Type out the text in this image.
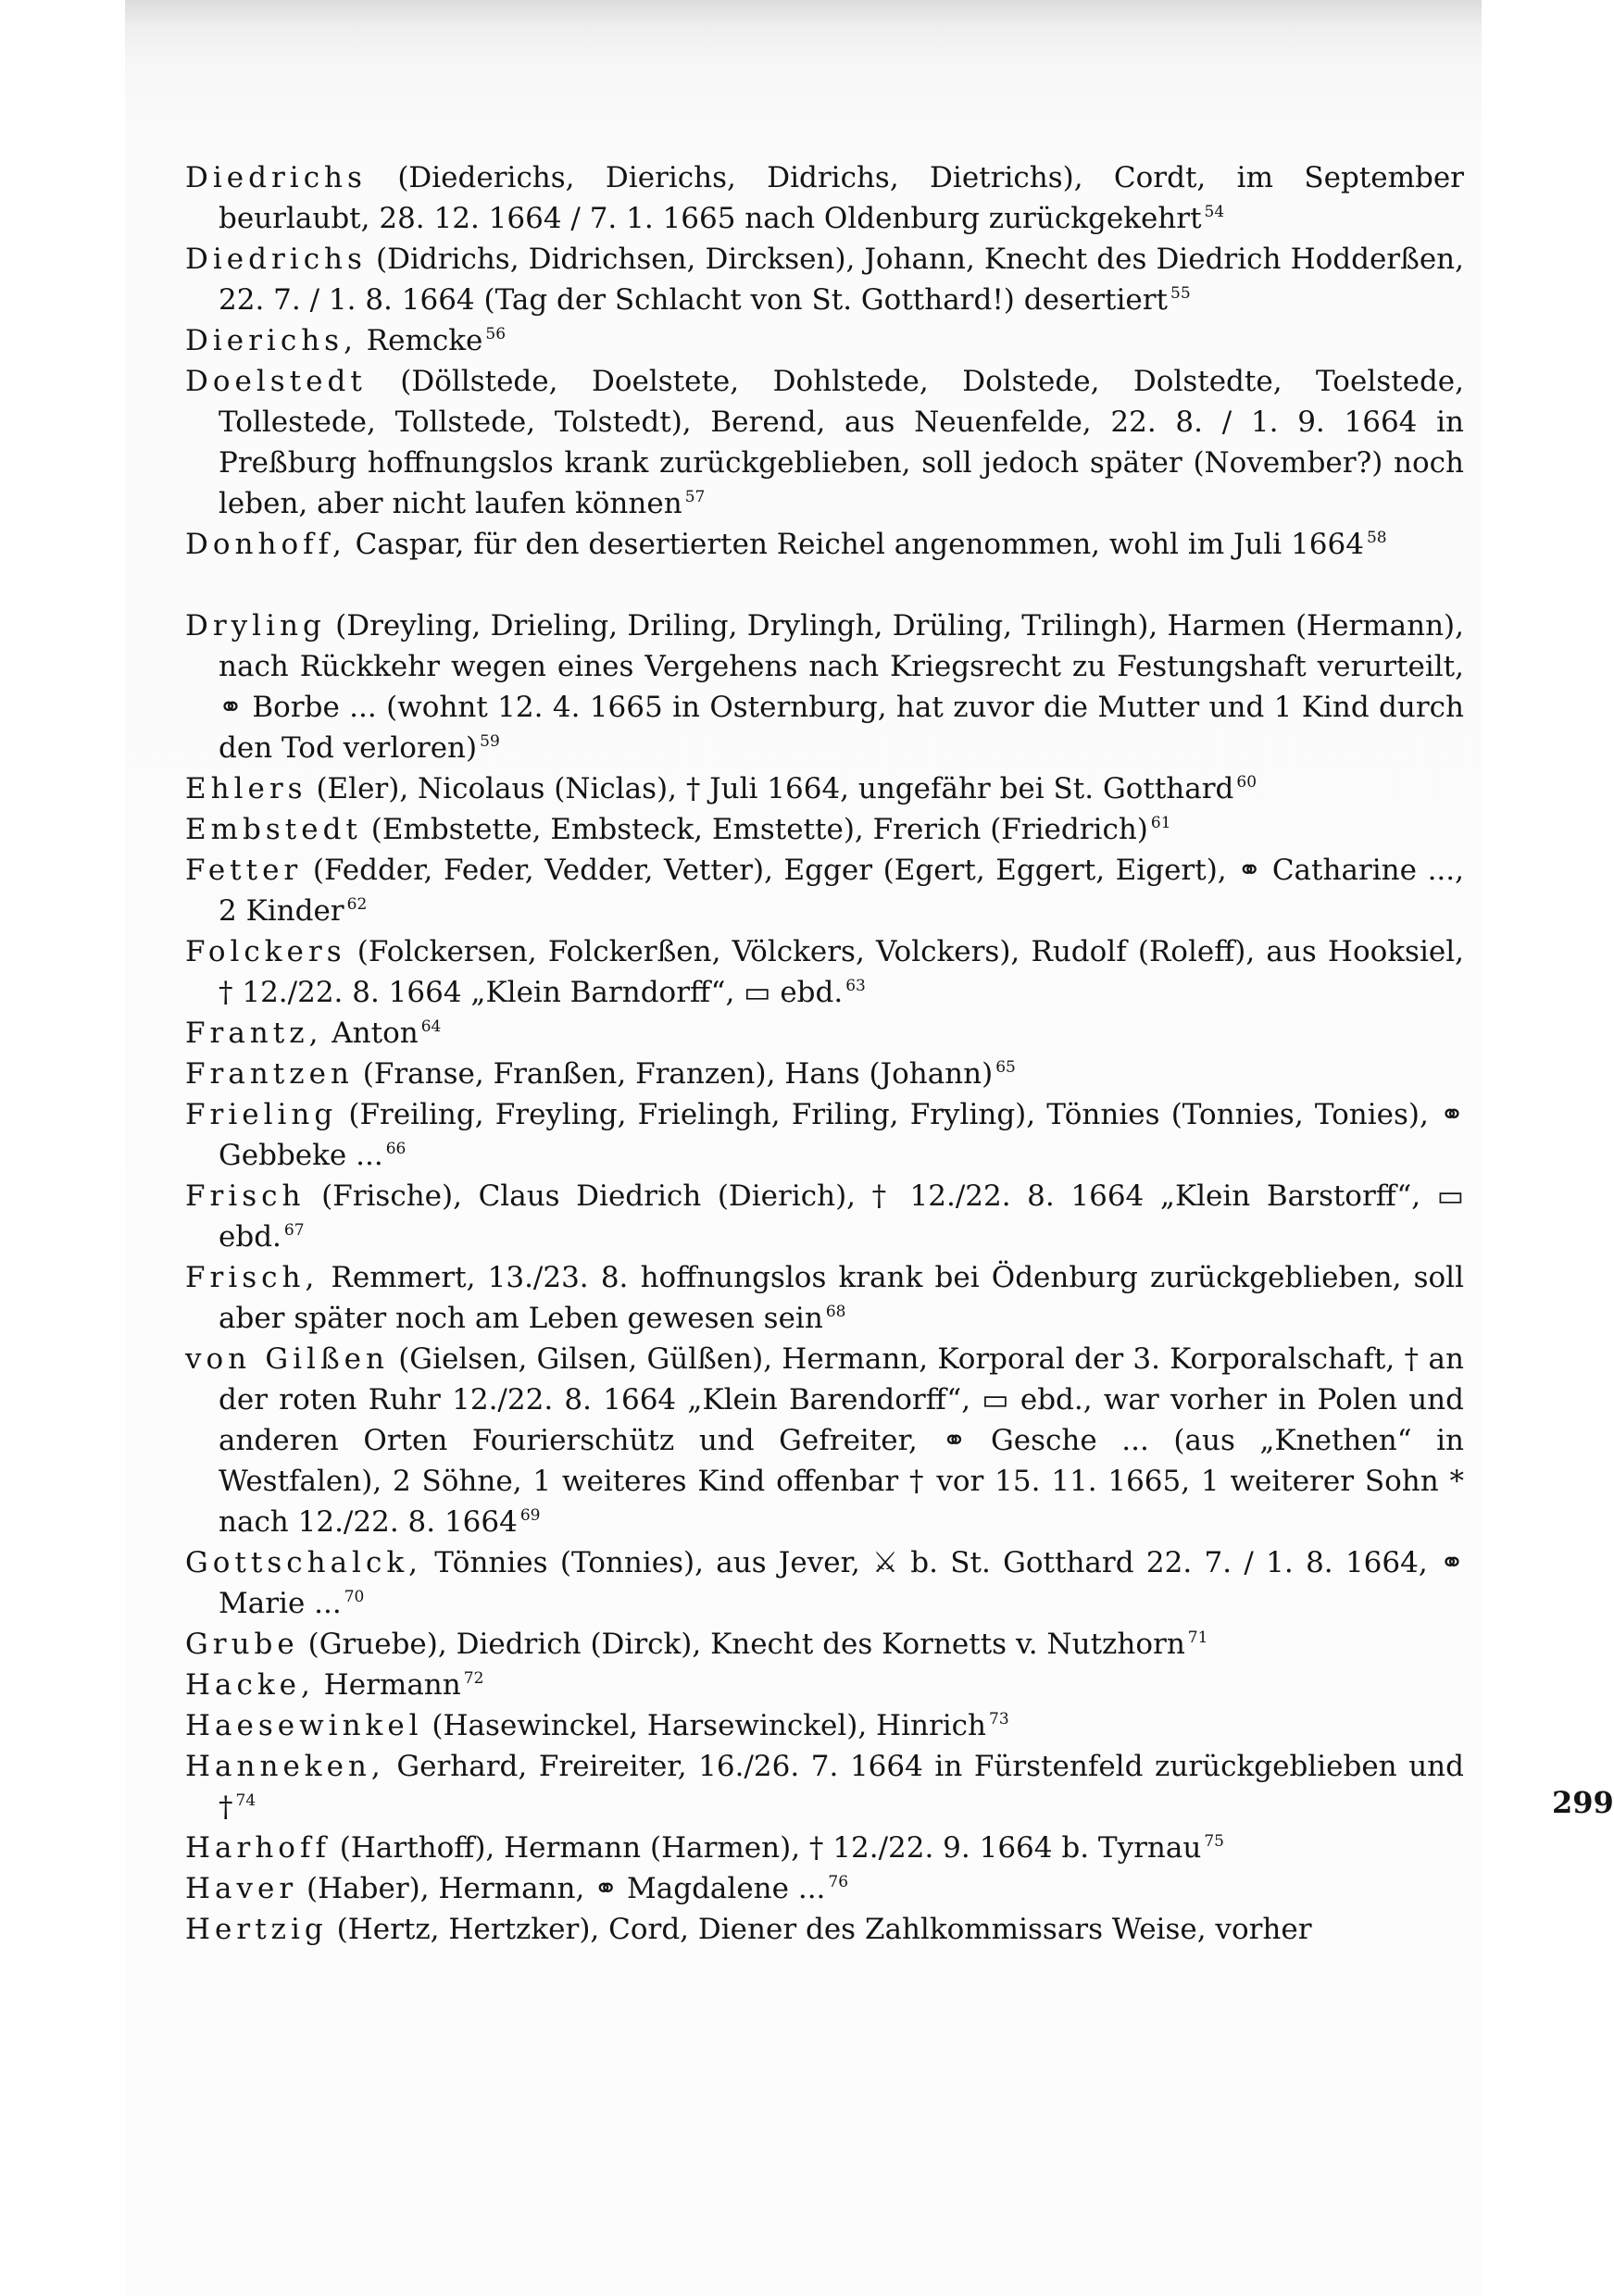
Diedrichs (Diederichs, Dierichs, Didrichs, Dietrichs), Cordt, im September beurlaubt, 28. 12. 1664 / 7. 1. 1665 nach Oldenburg zurückgekehrt $^{54}$
Diedrichs (Didrichs, Didrichsen, Dircksen), Johann, Knecht des Diedrich Hodderßen, 22. 7. / 1. 8. 1664 (Tag der Schlacht von St. Gotthard!) desertiert $^{55}$
Dierichs, Remcke $^{56}$
Doelstedt (Döllstede, Doelstete, Dohlstede, Dolstede, Dolstedte, Toelstede, Tollestede, Tollstede, Tolstedt), Berend, aus Neuenfelde, 22. 8. / 1. 9. 1664 in Preßburg hoffnungslos krank zurückgeblieben, soll jedoch später (November?) noch leben, aber nicht laufen können $^{57}$
Donhoff, Caspar, für den desertierten Reichel angenommen, wohl im Juli 1664 $^{58}$
Dryling (Dreyling, Drieling, Driling, Drylingh, Drüling, Trilingh), Harmen (Hermann), nach Rückkehr wegen eines Vergehens nach Kriegsrecht zu Festungshaft verurteilt, ⚭ Borbe ... (wohnt 12. 4. 1665 in Osternburg, hat zuvor die Mutter und 1 Kind durch den Tod verloren) $^{59}$
Ehlers (Eler), Nicolaus (Niclas), † Juli 1664, ungefähr bei St. Gotthard $^{60}$
Embstedt (Embstette, Embsteck, Emstette), Frerich (Friedrich) $^{61}$
Fetter (Fedder, Feder, Vedder, Vetter), Egger (Egert, Eggert, Eigert), ⚭ Catharine ..., 2 Kinder $^{62}$
Folckers (Folckersen, Folckerßen, Völckers, Volckers), Rudolf (Roleff), aus Hooksiel, † 12./22. 8. 1664 „Klein Barndorff“, ▭ ebd. $^{63}$
Frantz, Anton $^{64}$
Frantzen (Franse, Franßen, Franzen), Hans (Johann) $^{65}$
Frieling (Freiling, Freyling, Frielingh, Friling, Fryling), Tönnies (Tonnies, Tonies), ⚭ Gebbeke ... $^{66}$
Frisch (Frische), Claus Diedrich (Dierich), † 12./22. 8. 1664 „Klein Barstorff“, ▭ ebd. $^{67}$
Frisch, Remmert, 13./23. 8. hoffnungslos krank bei Ödenburg zurückgeblieben, soll aber später noch am Leben gewesen sein $^{68}$
von Gilßen (Gielsen, Gilsen, Gülßen), Hermann, Korporal der 3. Korporalschaft, † an der roten Ruhr 12./22. 8. 1664 „Klein Barendorff“, ▭ ebd., war vorher in Polen und anderen Orten Fourierschütz und Gefreiter, ⚭ Gesche ... (aus „Knethen“ in Westfalen), 2 Söhne, 1 weiteres Kind offenbar † vor 15. 11. 1665, 1 weiterer Sohn * nach 12./22. 8. 1664 $^{69}$
Gottschalck, Tönnies (Tonnies), aus Jever, ⚔ b. St. Gotthard 22. 7. / 1. 8. 1664, ⚭ Marie ... $^{70}$
Grube (Gruebe), Diedrich (Dirck), Knecht des Kornetts v. Nutzhorn $^{71}$
Hacke, Hermann $^{72}$
Haesewinkel (Hasewinckel, Harsewinckel), Hinrich $^{73}$
Hanneken, Gerhard, Freireiter, 16./26. 7. 1664 in Fürstenfeld zurückgeblieben und † $^{74}$
Harhoff (Harthoff), Hermann (Harmen), † 12./22. 9. 1664 b. Tyrnau $^{75}$
Haver (Haber), Hermann, ⚭ Magdalene ... $^{76}$
Hertzig (Hertz, Hertzker), Cord, Diener des Zahlkommissars Weise, vorher
299
